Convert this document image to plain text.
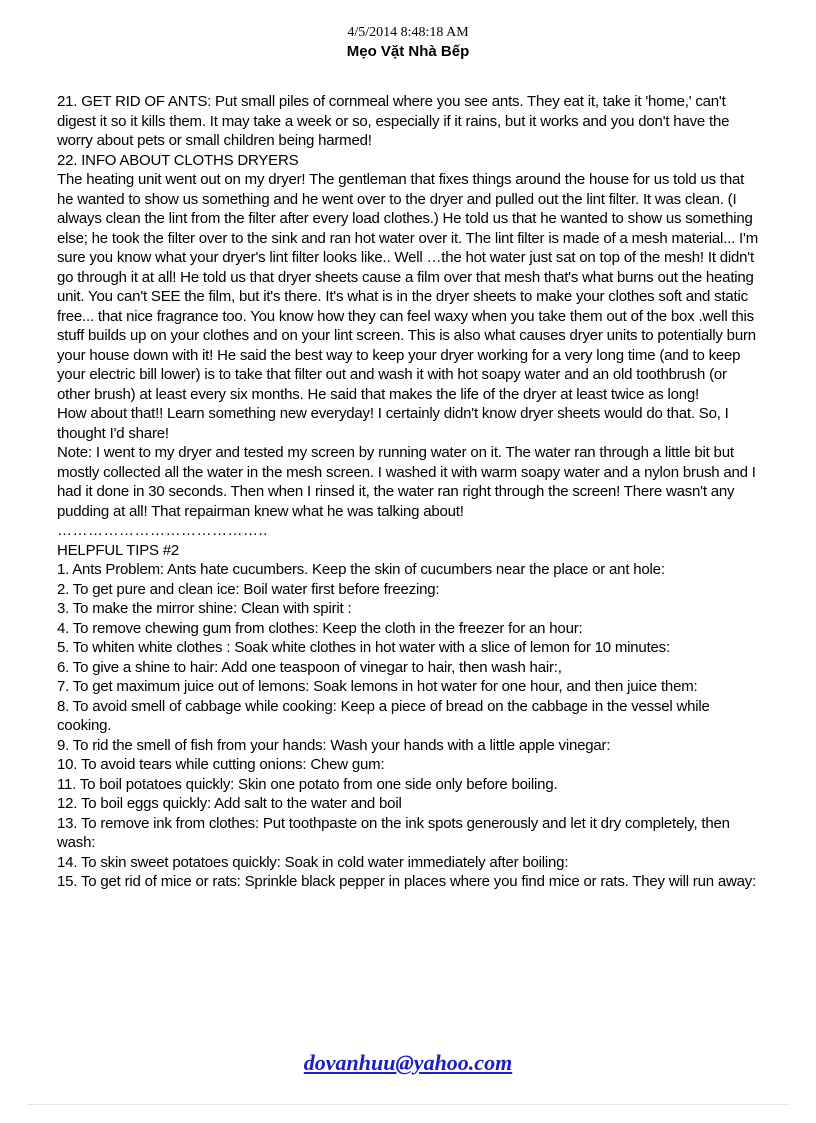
4/5/2014 8:48:18 AM
Mẹo Vặt Nhà Bếp

21. GET RID OF ANTS: Put small piles of cornmeal where you see ants. They eat it, take it 'home,' can't digest it so it kills them. It may take a week or so, especially if it rains, but it works and you don't have the worry about pets or small children being harmed!

22. INFO ABOUT CLOTHS DRYERS

The heating unit went out on my dryer! The gentleman that fixes things around the house for us told us that he wanted to show us something and he went over to the dryer and pulled out the lint filter. It was clean. (I always clean the lint from the filter after every load clothes.) He told us that he wanted to show us something else; he took the filter over to the sink and ran hot water over it. The lint filter is made of a mesh material... I'm sure you know what your dryer's lint filter looks like.. Well …the hot water just sat on top of the mesh! It didn't go through it at all! He told us that dryer sheets cause a film over that mesh that's what burns out the heating unit. You can't SEE the film, but it's there. It's what is in the dryer sheets to make your clothes soft and static free... that nice fragrance too. You know how they can feel waxy when you take them out of the box .well this stuff builds up on your clothes and on your lint screen. This is also what causes dryer units to potentially burn your house down with it! He said the best way to keep your dryer working for a very long time (and to keep your electric bill lower) is to take that filter out and wash it with hot soapy water and an old toothbrush (or other brush) at least every six months. He said that makes the life of the dryer at least twice as long!

How about that!! Learn something new everyday! I certainly didn't know dryer sheets would do that. So, I thought I'd share!

Note: I went to my dryer and tested my screen by running water on it. The water ran through a little bit but mostly collected all the water in the mesh screen. I washed it with warm soapy water and a nylon brush and I had it done in 30 seconds. Then when I rinsed it, the water ran right through the screen! There wasn't any pudding at all! That repairman knew what he was talking about!

…………………………………..

HELPFUL TIPS #2

1. Ants Problem: Ants hate cucumbers. Keep the skin of cucumbers near the place or ant hole:

2. To get pure and clean ice: Boil water first before freezing:

3. To make the mirror shine: Clean with spirit :

4. To remove chewing gum from clothes: Keep the cloth in the freezer for an hour:

5. To whiten white clothes : Soak white clothes in hot water with a slice of lemon for 10 minutes:

6. To give a shine to hair: Add one teaspoon of vinegar to hair, then wash hair:,

7. To get maximum juice out of lemons: Soak lemons in hot water for one hour, and then juice them:

8. To avoid smell of cabbage while cooking: Keep a piece of bread on the cabbage in the vessel while cooking.

9. To rid the smell of fish from your hands: Wash your hands with a little apple vinegar:

10. To avoid tears while cutting onions: Chew gum:

11. To boil potatoes quickly: Skin one potato from one side only before boiling.

12. To boil eggs quickly: Add salt to the water and boil

13. To remove ink from clothes: Put toothpaste on the ink spots generously and let it dry completely, then wash:

14. To skin sweet potatoes quickly: Soak in cold water immediately after boiling:

15. To get rid of mice or rats: Sprinkle black pepper in places where you find mice or rats. They will run away:

dovanhuu@yahoo.com
